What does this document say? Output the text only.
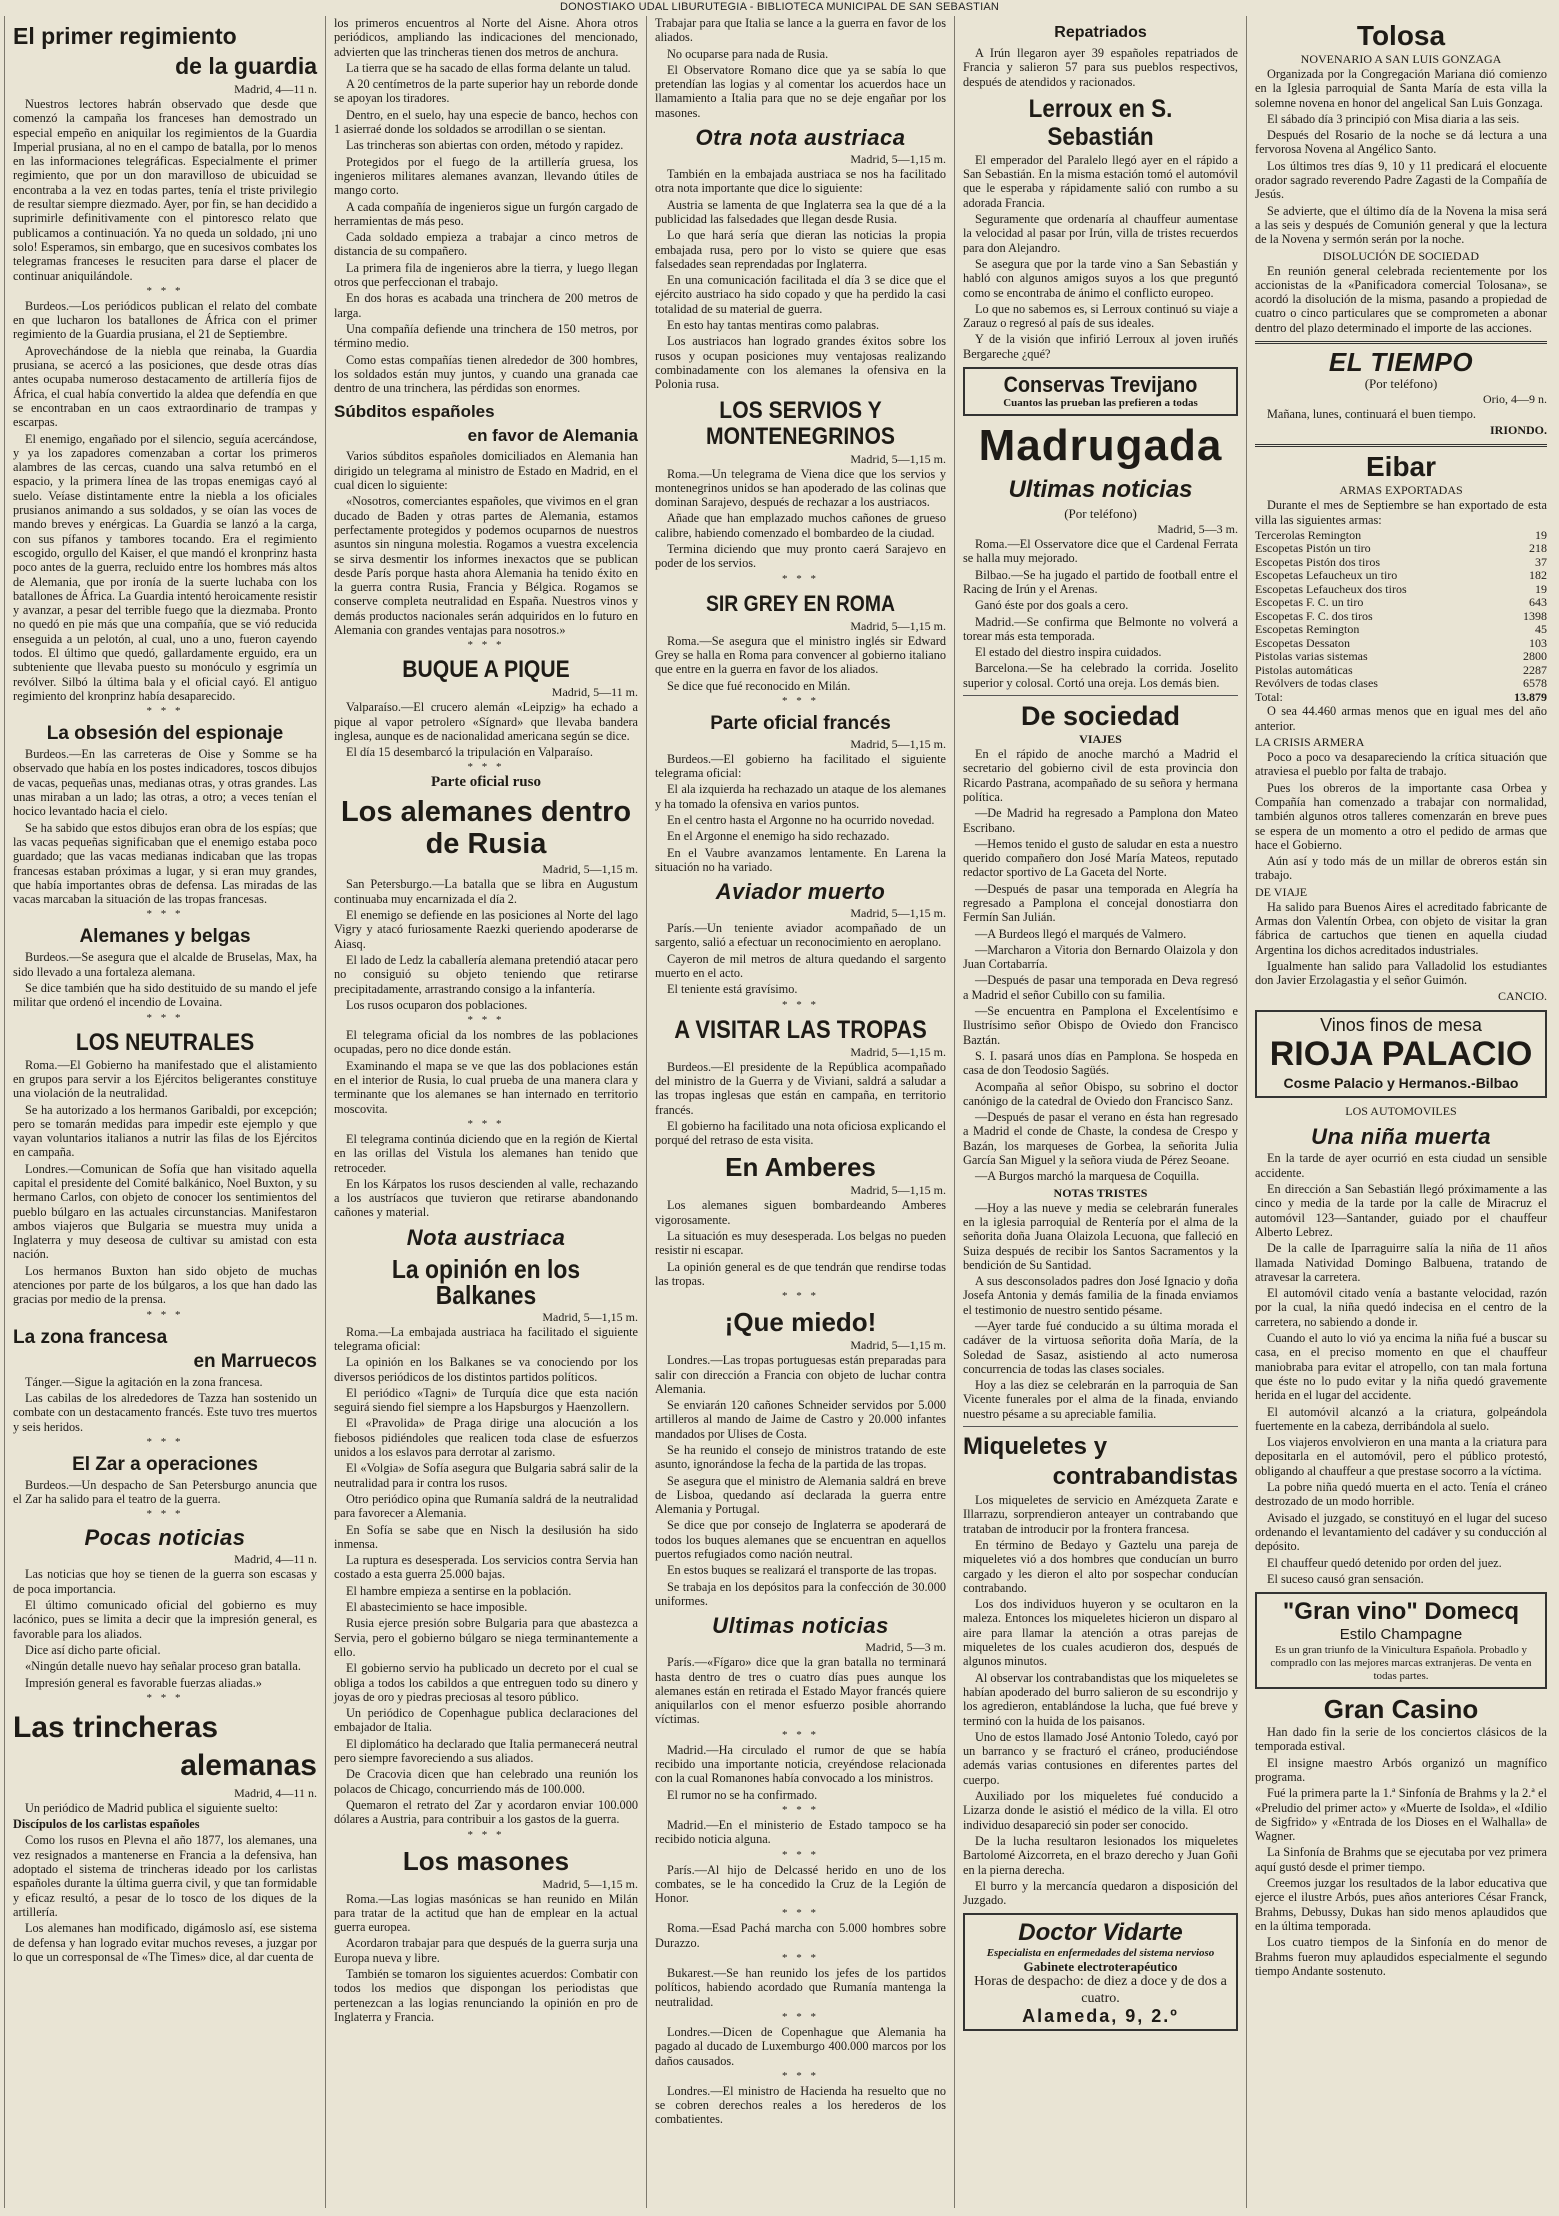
DONOSTIAKO UDAL LIBURUTEGIA - BIBLIOTECA MUNICIPAL DE SAN SEBASTIAN
El primer regimiento
de la guardia

Madrid, 4—11 n.

Nuestros lectores habrán observado que desde que comenzó la campaña los franceses han demostrado un especial empeño en aniquilar los regimientos de la Guardia Imperial prusiana, al no en el campo de batalla, por lo menos en las informaciones telegráficas. Especialmente el primer regimiento, que por un don maravilloso de ubicuidad se encontraba a la vez en todas partes, tenía el triste privilegio de resultar siempre diezmado. Ayer, por fin, se han decidido a suprimirle definitivamente con el pintoresco relato que publicamos a continuación. Ya no queda un soldado, ¡ni uno solo! Esperamos, sin embargo, que en sucesivos combates los telegramas franceses le resuciten para darse el placer de continuar aniquilándole.

* * *

Burdeos.—Los periódicos publican el relato del combate en que lucharon los batallones de África con el primer regimiento de la Guardia prusiana, el 21 de Septiembre.

Aprovechándose de la niebla que reinaba, la Guardia prusiana, se acercó a las posiciones, que desde otras días antes ocupaba numeroso destacamento de artillería fijos de África, el cual había convertido la aldea que defendía en que se encontraban en un caos extraordinario de trampas y escarpas.

El enemigo, engañado por el silencio, seguía acercándose, y ya los zapadores comenzaban a cortar los primeros alambres de las cercas, cuando una salva retumbó en el espacio, y la primera línea de las tropas enemigas cayó al suelo. Veíase distintamente entre la niebla a los oficiales prusianos animando a sus soldados, y se oían las voces de mando breves y enérgicas. La Guardia se lanzó a la carga, con sus pífanos y tambores tocando. Era el regimiento escogido, orgullo del Kaiser, el que mandó el kronprinz hasta poco antes de la guerra, recluido entre los hombres más altos de Alemania, que por ironía de la suerte luchaba con los batallones de África. La Guardia intentó heroicamente resistir y avanzar, a pesar del terrible fuego que la diezmaba. Pronto no quedó en pie más que una compañía, que se vió reducida enseguida a un pelotón, al cual, uno a uno, fueron cayendo todos. El último que quedó, gallardamente erguido, era un subteniente que llevaba puesto su monóculo y esgrimía un revólver. Silbó la última bala y el oficial cayó. El antiguo regimiento del kronprinz había desaparecido.

* * *
La obsesión del espionaje

Burdeos.—En las carreteras de Oise y Somme se ha observado que había en los postes indicadores, toscos dibujos de vacas, pequeñas unas, medianas otras, y otras grandes. Las unas miraban a un lado; las otras, a otro; a veces tenían el hocico levantado hacia el cielo.

Se ha sabido que estos dibujos eran obra de los espías; que las vacas pequeñas significaban que el enemigo estaba poco guardado; que las vacas medianas indicaban que las tropas francesas estaban próximas a lugar, y si eran muy grandes, que había importantes obras de defensa. Las miradas de las vacas marcaban la situación de las tropas francesas.

* * *
Alemanes y belgas

Burdeos.—Se asegura que el alcalde de Bruselas, Max, ha sido llevado a una fortaleza alemana.

Se dice también que ha sido destituido de su mando el jefe militar que ordenó el incendio de Lovaina.

* * *
LOS NEUTRALES

Roma.—El Gobierno ha manifestado que el alistamiento en grupos para servir a los Ejércitos beligerantes constituye una violación de la neutralidad.

Se ha autorizado a los hermanos Garibaldi, por excepción; pero se tomarán medidas para impedir este ejemplo y que vayan voluntarios italianos a nutrir las filas de los Ejércitos en campaña.

Londres.—Comunican de Sofía que han visitado aquella capital el presidente del Comité balkánico, Noel Buxton, y su hermano Carlos, con objeto de conocer los sentimientos del pueblo búlgaro en las actuales circunstancias. Manifestaron ambos viajeros que Bulgaria se muestra muy unida a Inglaterra y muy deseosa de cultivar su amistad con esta nación.

Los hermanos Buxton han sido objeto de muchas atenciones por parte de los búlgaros, a los que han dado las gracias por medio de la prensa.

* * *
La zona francesa
en Marruecos

Tánger.—Sigue la agitación en la zona francesa.

Las cabilas de los alrededores de Tazza han sostenido un combate con un destacamento francés. Este tuvo tres muertos y seis heridos.

* * *
El Zar a operaciones

Burdeos.—Un despacho de San Petersburgo anuncia que el Zar ha salido para el teatro de la guerra.

* * *
Pocas noticias

Madrid, 4—11 n.

Las noticias que hoy se tienen de la guerra son escasas y de poca importancia.

El último comunicado oficial del gobierno es muy lacónico, pues se limita a decir que la impresión general, es favorable para los aliados.

Dice así dicho parte oficial.

«Ningún detalle nuevo hay señalar proceso gran batalla.

Impresión general es favorable fuerzas aliadas.»

* * *
Las trincheras
alemanas

Madrid, 4—11 n.

Un periódico de Madrid publica el siguiente suelto:

Discípulos de los carlistas españoles

Como los rusos en Plevna el año 1877, los alemanes, una vez resignados a mantenerse en Francia a la defensiva, han adoptado el sistema de trincheras ideado por los carlistas españoles durante la última guerra civil, y que tan formidable y eficaz resultó, a pesar de lo tosco de los diques de la artillería.

Los alemanes han modificado, digámoslo así, ese sistema de defensa y han logrado evitar muchos reveses, a juzgar por lo que un corresponsal de «The Times» dice, al dar cuenta de

los primeros encuentros al Norte del Aisne. Ahora otros periódicos, ampliando las indicaciones del mencionado, advierten que las trincheras tienen dos metros de anchura.

La tierra que se ha sacado de ellas forma delante un talud.

A 20 centímetros de la parte superior hay un reborde donde se apoyan los tiradores.

Dentro, en el suelo, hay una especie de banco, hechos con 1 asierraé donde los soldados se arrodillan o se sientan.

Las trincheras son abiertas con orden, método y rapidez.

Protegidos por el fuego de la artillería gruesa, los ingenieros militares alemanes avanzan, llevando útiles de mango corto.

A cada compañía de ingenieros sigue un furgón cargado de herramientas de más peso.

Cada soldado empieza a trabajar a cinco metros de distancia de su compañero.

La primera fila de ingenieros abre la tierra, y luego llegan otros que perfeccionan el trabajo.

En dos horas es acabada una trinchera de 200 metros de larga.

Una compañía defiende una trinchera de 150 metros, por término medio.

Como estas compañías tienen alrededor de 300 hombres, los soldados están muy juntos, y cuando una granada cae dentro de una trinchera, las pérdidas son enormes.

Súbditos españoles
en favor de Alemania

Varios súbditos españoles domiciliados en Alemania han dirigido un telegrama al ministro de Estado en Madrid, en el cual dicen lo siguiente:

«Nosotros, comerciantes españoles, que vivimos en el gran ducado de Baden y otras partes de Alemania, estamos perfectamente protegidos y podemos ocuparnos de nuestros asuntos sin ninguna molestia. Rogamos a vuestra excelencia se sirva desmentir los informes inexactos que se publican desde París porque hasta ahora Alemania ha tenido éxito en la guerra contra Rusia, Francia y Bélgica. Rogamos se conserve completa neutralidad en España. Nuestros vinos y demás productos nacionales serán adquiridos en lo futuro en Alemania con grandes ventajas para nosotros.»

* * *
BUQUE A PIQUE

Madrid, 5—11 m.

Valparaíso.—El crucero alemán «Leipzig» ha echado a pique al vapor petrolero «Sígnard» que llevaba bandera inglesa, aunque es de nacionalidad americana según se dice.

El día 15 desembarcó la tripulación en Valparaíso.

* * *

Parte oficial ruso

Los alemanes dentro de Rusia

Madrid, 5—1,15 m.

San Petersburgo.—La batalla que se libra en Augustum continuaba muy encarnizada el día 2.

El enemigo se defiende en las posiciones al Norte del lago Vigry y atacó furiosamente Raezki queriendo apoderarse de Aiasq.

El lado de Ledz la caballería alemana pretendió atacar pero no consiguió su objeto teniendo que retirarse precipitadamente, arrastrando consigo a la infantería.

Los rusos ocuparon dos poblaciones.

* * *

El telegrama oficial da los nombres de las poblaciones ocupadas, pero no dice donde están.

Examinando el mapa se ve que las dos poblaciones están en el interior de Rusia, lo cual prueba de una manera clara y terminante que los alemanes se han internado en territorio moscovita.

* * *

El telegrama continúa diciendo que en la región de Kiertal en las orillas del Vistula los alemanes han tenido que retroceder.

En los Kárpatos los rusos descienden al valle, rechazando a los austríacos que tuvieron que retirarse abandonando cañones y material.

Nota austriaca
La opinión en los Balkanes

Madrid, 5—1,15 m.

Roma.—La embajada austriaca ha facilitado el siguiente telegrama oficial:

La opinión en los Balkanes se va conociendo por los diversos periódicos de los distintos partidos políticos.

El periódico «Tagni» de Turquía dice que esta nación seguirá siendo fiel siempre a los Hapsburgos y Haenzollern.

El «Pravolida» de Praga dirige una alocución a los fiebosos pidiéndoles que realicen toda clase de esfuerzos unidos a los eslavos para derrotar al zarismo.

El «Volgia» de Sofía asegura que Bulgaria sabrá salir de la neutralidad para ir contra los rusos.

Otro periódico opina que Rumanía saldrá de la neutralidad para favorecer a Alemania.

En Sofía se sabe que en Nisch la desilusión ha sido inmensa.

La ruptura es desesperada. Los servicios contra Servia han costado a esta guerra 25.000 bajas.

El hambre empieza a sentirse en la población.

El abastecimiento se hace imposible.

Rusia ejerce presión sobre Bulgaria para que abastezca a Servia, pero el gobierno búlgaro se niega terminantemente a ello.

El gobierno servio ha publicado un decreto por el cual se obliga a todos los cabildos a que entreguen todo su dinero y joyas de oro y piedras preciosas al tesoro público.

Un periódico de Copenhague publica declaraciones del embajador de Italia.

El diplomático ha declarado que Italia permanecerá neutral pero siempre favoreciendo a sus aliados.

De Cracovia dicen que han celebrado una reunión los polacos de Chicago, concurriendo más de 100.000.

Quemaron el retrato del Zar y acordaron enviar 100.000 dólares a Austria, para contribuir a los gastos de la guerra.

* * *
Los masones

Madrid, 5—1,15 m.

Roma.—Las logias masónicas se han reunido en Milán para tratar de la actitud que han de emplear en la actual guerra europea.

Acordaron trabajar para que después de la guerra surja una Europa nueva y libre.

También se tomaron los siguientes acuerdos: Combatir con todos los medios que dispongan los periodistas que pertenezcan a las logias renunciando la opinión en pro de Inglaterra y Francia.

Trabajar para que Italia se lance a la guerra en favor de los aliados.

No ocuparse para nada de Rusia.

El Observatore Romano dice que ya se sabía lo que pretendían las logias y al comentar los acuerdos hace un llamamiento a Italia para que no se deje engañar por los masones.

Otra nota austriaca

Madrid, 5—1,15 m.

También en la embajada austriaca se nos ha facilitado otra nota importante que dice lo siguiente:

Austria se lamenta de que Inglaterra sea la que dé a la publicidad las falsedades que llegan desde Rusia.

Lo que hará sería que dieran las noticias la propia embajada rusa, pero por lo visto se quiere que esas falsedades sean reprendadas por Inglaterra.

En una comunicación facilitada el día 3 se dice que el ejército austriaco ha sido copado y que ha perdido la casi totalidad de su material de guerra.

En esto hay tantas mentiras como palabras.

Los austriacos han logrado grandes éxitos sobre los rusos y ocupan posiciones muy ventajosas realizando combinadamente con los alemanes la ofensiva en la Polonia rusa.

LOS SERVIOS Y MONTENEGRINOS

Madrid, 5—1,15 m.

Roma.—Un telegrama de Viena dice que los servios y montenegrinos unidos se han apoderado de las colinas que dominan Sarajevo, después de rechazar a los austriacos.

Añade que han emplazado muchos cañones de grueso calibre, habiendo comenzado el bombardeo de la ciudad.

Termina diciendo que muy pronto caerá Sarajevo en poder de los servios.

* * *
SIR GREY EN ROMA

Madrid, 5—1,15 m.

Roma.—Se asegura que el ministro inglés sir Edward Grey se halla en Roma para convencer al gobierno italiano que entre en la guerra en favor de los aliados.

Se dice que fué reconocido en Milán.

* * *
Parte oficial francés

Madrid, 5—1,15 m.

Burdeos.—El gobierno ha facilitado el siguiente telegrama oficial:

El ala izquierda ha rechazado un ataque de los alemanes y ha tomado la ofensiva en varios puntos.

En el centro hasta el Argonne no ha ocurrido novedad.

En el Argonne el enemigo ha sido rechazado.

En el Vaubre avanzamos lentamente. En Larena la situación no ha variado.

Aviador muerto

Madrid, 5—1,15 m.

París.—Un teniente aviador acompañado de un sargento, salió a efectuar un reconocimiento en aeroplano.

Cayeron de mil metros de altura quedando el sargento muerto en el acto.

El teniente está gravísimo.

* * *
A VISITAR LAS TROPAS

Madrid, 5—1,15 m.

Burdeos.—El presidente de la República acompañado del ministro de la Guerra y de Viviani, saldrá a saludar a las tropas inglesas que están en campaña, en territorio francés.

El gobierno ha facilitado una nota oficiosa explicando el porqué del retraso de esta visita.

En Amberes

Madrid, 5—1,15 m.

Los alemanes siguen bombardeando Amberes vigorosamente.

La situación es muy desesperada. Los belgas no pueden resistir ni escapar.

La opinión general es de que tendrán que rendirse todas las tropas.

* * *
¡Que miedo!

Madrid, 5—1,15 m.

Londres.—Las tropas portuguesas están preparadas para salir con dirección a Francia con objeto de luchar contra Alemania.

Se enviarán 120 cañones Schneider servidos por 5.000 artilleros al mando de Jaime de Castro y 20.000 infantes mandados por Ulises de Costa.

Se ha reunido el consejo de ministros tratando de este asunto, ignorándose la fecha de la partida de las tropas.

Se asegura que el ministro de Alemania saldrá en breve de Lisboa, quedando así declarada la guerra entre Alemania y Portugal.

Se dice que por consejo de Inglaterra se apoderará de todos los buques alemanes que se encuentran en aquellos puertos refugiados como nación neutral.

En estos buques se realizará el transporte de las tropas.

Se trabaja en los depósitos para la confección de 30.000 uniformes.

Ultimas noticias

Madrid, 5—3 m.

París.—«Fígaro» dice que la gran batalla no terminará hasta dentro de tres o cuatro días pues aunque los alemanes están en retirada el Estado Mayor francés quiere aniquilarlos con el menor esfuerzo posible ahorrando víctimas.

* * *

Madrid.—Ha circulado el rumor de que se había recibido una importante noticia, creyéndose relacionada con la cual Romanones había convocado a los ministros.

El rumor no se ha confirmado.

* * *

Madrid.—En el ministerio de Estado tampoco se ha recibido noticia alguna.

* * *

París.—Al hijo de Delcassé herido en uno de los combates, se le ha concedido la Cruz de la Legión de Honor.

* * *

Roma.—Esad Pachá marcha con 5.000 hombres sobre Durazzo.

* * *

Bukarest.—Se han reunido los jefes de los partidos políticos, habiendo acordado que Rumanía mantenga la neutralidad.

* * *

Londres.—Dicen de Copenhague que Alemania ha pagado al ducado de Luxemburgo 400.000 marcos por los daños causados.

* * *

Londres.—El ministro de Hacienda ha resuelto que no se cobren derechos reales a los herederos de los combatientes.

Repatriados

A Irún llegaron ayer 39 españoles repatriados de Francia y salieron 57 para sus pueblos respectivos, después de atendidos y racionados.

Lerroux en S. Sebastián

El emperador del Paralelo llegó ayer en el rápido a San Sebastián. En la misma estación tomó el automóvil que le esperaba y rápidamente salió con rumbo a su adorada Francia.

Seguramente que ordenaría al chauffeur aumentase la velocidad al pasar por Irún, villa de tristes recuerdos para don Alejandro.

Se asegura que por la tarde vino a San Sebastián y habló con algunos amigos suyos a los que preguntó como se encontraba de ánimo el conflicto europeo.

Lo que no sabemos es, si Lerroux continuó su viaje a Zarauz o regresó al país de sus ideales.

Y de la visión que infirió Lerroux al joven iruñés Bergareche ¿qué?

Conservas Trevijano
Cuantos las prueban las prefieren a todas
Madrugada
Ultimas noticias

(Por teléfono)

Madrid, 5—3 m.

Roma.—El Osservatore dice que el Cardenal Ferrata se halla muy mejorado.

Bilbao.—Se ha jugado el partido de football entre el Racing de Irún y el Arenas.

Ganó éste por dos goals a cero.

Madrid.—Se confirma que Belmonte no volverá a torear más esta temporada.

El estado del diestro inspira cuidados.

Barcelona.—Se ha celebrado la corrida. Joselito superior y colosal. Cortó una oreja. Los demás bien.

De sociedad

VIAJES

En el rápido de anoche marchó a Madrid el secretario del gobierno civil de esta provincia don Ricardo Pastrana, acompañado de su señora y hermana política.

—De Madrid ha regresado a Pamplona don Mateo Escribano.

—Hemos tenido el gusto de saludar en esta a nuestro querido compañero don José María Mateos, reputado redactor sportivo de La Gaceta del Norte.

—Después de pasar una temporada en Alegría ha regresado a Pamplona el concejal donostiarra don Fermín San Julián.

—A Burdeos llegó el marqués de Valmero.

—Marcharon a Vitoria don Bernardo Olaizola y don Juan Cortabarría.

—Después de pasar una temporada en Deva regresó a Madrid el señor Cubillo con su familia.

—Se encuentra en Pamplona el Excelentísimo e Ilustrísimo señor Obispo de Oviedo don Francisco Baztán.

S. I. pasará unos días en Pamplona. Se hospeda en casa de don Teodosio Sagüés.

Acompaña al señor Obispo, su sobrino el doctor canónigo de la catedral de Oviedo don Francisco Sanz.

—Después de pasar el verano en ésta han regresado a Madrid el conde de Chaste, la condesa de Crespo y Bazán, los marqueses de Gorbea, la señorita Julia García San Miguel y la señora viuda de Pérez Seoane.

—A Burgos marchó la marquesa de Coquilla.

NOTAS TRISTES

—Hoy a las nueve y media se celebrarán funerales en la iglesia parroquial de Rentería por el alma de la señorita doña Juana Olaizola Lecuona, que falleció en Suiza después de recibir los Santos Sacramentos y la bendición de Su Santidad.

A sus desconsolados padres don José Ignacio y doña Josefa Antonia y demás familia de la finada enviamos el testimonio de nuestro sentido pésame.

—Ayer tarde fué conducido a su última morada el cadáver de la virtuosa señorita doña María, de la Soledad de Sasaz, asistiendo al acto numerosa concurrencia de todas las clases sociales.

Hoy a las diez se celebrarán en la parroquia de San Vicente funerales por el alma de la finada, enviando nuestro pésame a su apreciable familia.

Miqueletes y
contrabandistas

Los miqueletes de servicio en Amézqueta Zarate e Illarrazu, sorprendieron anteayer un contrabando que trataban de introducir por la frontera francesa.

En término de Bedayo y Gaztelu una pareja de miqueletes vió a dos hombres que conducían un burro cargado y les dieron el alto por sospechar conducían contrabando.

Los dos individuos huyeron y se ocultaron en la maleza. Entonces los miqueletes hicieron un disparo al aire para llamar la atención a otras parejas de miqueletes de los cuales acudieron dos, después de algunos minutos.

Al observar los contrabandistas que los miqueletes se habían apoderado del burro salieron de su escondrijo y los agredieron, entablándose la lucha, que fué breve y terminó con la huida de los paisanos.

Uno de estos llamado José Antonio Toledo, cayó por un barranco y se fracturó el cráneo, produciéndose además varias contusiones en diferentes partes del cuerpo.

Auxiliado por los miqueletes fué conducido a Lizarza donde le asistió el médico de la villa. El otro individuo desapareció sin poder ser conocido.

De la lucha resultaron lesionados los miqueletes Bartolomé Aizcorreta, en el brazo derecho y Juan Goñi en la pierna derecha.

El burro y la mercancía quedaron a disposición del Juzgado.

Doctor Vidarte
Especialista en enfermedades del sistema nervioso
Gabinete electroterapéutico
Horas de despacho: de diez a doce y de dos a cuatro.
Alameda, 9, 2.º
Tolosa

NOVENARIO A SAN LUIS GONZAGA

Organizada por la Congregación Mariana dió comienzo en la Iglesia parroquial de Santa María de esta villa la solemne novena en honor del angelical San Luis Gonzaga.

El sábado día 3 principió con Misa diaria a las seis.

Después del Rosario de la noche se dá lectura a una fervorosa Novena al Angélico Santo.

Los últimos tres días 9, 10 y 11 predicará el elocuente orador sagrado reverendo Padre Zagasti de la Compañía de Jesús.

Se advierte, que el último día de la Novena la misa será a las seis y después de Comunión general y que la lectura de la Novena y sermón serán por la noche.

DISOLUCIÓN DE SOCIEDAD

En reunión general celebrada recientemente por los accionistas de la «Panificadora comercial Tolosana», se acordó la disolución de la misma, pasando a propiedad de cuatro o cinco particulares que se comprometen a abonar dentro del plazo determinado el importe de las acciones.

EL TIEMPO

(Por teléfono)

Orio, 4—9 n.

Mañana, lunes, continuará el buen tiempo.

IRIONDO.

Eibar

ARMAS EXPORTADAS

Durante el mes de Septiembre se han exportado de esta villa las siguientes armas:

Tercerolas Remington	19
Escopetas Pistón un tiro	218
Escopetas Pistón dos tiros	37
Escopetas Lefaucheux un tiro	182
Escopetas Lefaucheux dos tiros	19
Escopetas F. C. un tiro	643
Escopetas F. C. dos tiros	1398
Escopetas Remington	45
Escopetas Dessaton	103
Pistolas varias sistemas	2800
Pistolas automáticas	2287
Revólvers de todas clases	6578
Total:	13.879

O sea 44.460 armas menos que en igual mes del año anterior.

LA CRISIS ARMERA

Poco a poco va desapareciendo la crítica situación que atraviesa el pueblo por falta de trabajo.

Pues los obreros de la importante casa Orbea y Compañía han comenzado a trabajar con normalidad, también algunos otros talleres comenzarán en breve pues se espera de un momento a otro el pedido de armas que hace el Gobierno.

Aún así y todo más de un millar de obreros están sin trabajo.

DE VIAJE

Ha salido para Buenos Aires el acreditado fabricante de Armas don Valentín Orbea, con objeto de visitar la gran fábrica de cartuchos que tienen en aquella ciudad Argentina los dichos acreditados industriales.

Igualmente han salido para Valladolid los estudiantes don Javier Erzolagastia y el señor Guimón.

CANCIO.

Vinos finos de mesa
RIOJA PALACIO
Cosme Palacio y Hermanos.-Bilbao

LOS AUTOMOVILES

Una niña muerta

En la tarde de ayer ocurrió en esta ciudad un sensible accidente.

En dirección a San Sebastián llegó próximamente a las cinco y media de la tarde por la calle de Miracruz el automóvil 123—Santander, guiado por el chauffeur Alberto Lebrez.

De la calle de Iparraguirre salía la niña de 11 años llamada Natividad Domingo Balbuena, tratando de atravesar la carretera.

El automóvil citado venía a bastante velocidad, razón por la cual, la niña quedó indecisa en el centro de la carretera, no sabiendo a donde ir.

Cuando el auto lo vió ya encima la niña fué a buscar su casa, en el preciso momento en que el chauffeur maniobraba para evitar el atropello, con tan mala fortuna que éste no lo pudo evitar y la niña quedó gravemente herida en el lugar del accidente.

El automóvil alcanzó a la criatura, golpeándola fuertemente en la cabeza, derribándola al suelo.

Los viajeros envolvieron en una manta a la criatura para depositarla en el automóvil, pero el público protestó, obligando al chauffeur a que prestase socorro a la víctima.

La pobre niña quedó muerta en el acto. Tenía el cráneo destrozado de un modo horrible.

Avisado el juzgado, se constituyó en el lugar del suceso ordenando el levantamiento del cadáver y su conducción al depósito.

El chauffeur quedó detenido por orden del juez.

El suceso causó gran sensación.

"Gran vino" Domecq
Estilo Champagne
Es un gran triunfo de la Vinicultura Española. Probadlo y compradlo con las mejores marcas extranjeras. De venta en todas partes.
Gran Casino

Han dado fin la serie de los conciertos clásicos de la temporada estival.

El insigne maestro Arbós organizó un magnífico programa.

Fué la primera parte la 1.ª Sinfonía de Brahms y la 2.ª el «Preludio del primer acto» y «Muerte de Isolda», el «Idilio de Sigfrido» y «Entrada de los Dioses en el Walhalla» de Wagner.

La Sinfonía de Brahms que se ejecutaba por vez primera aquí gustó desde el primer tiempo.

Creemos juzgar los resultados de la labor educativa que ejerce el ilustre Arbós, pues años anteriores César Franck, Brahms, Debussy, Dukas han sido menos aplaudidos que en la última temporada.

Los cuatro tiempos de la Sinfonía en do menor de Brahms fueron muy aplaudidos especialmente el segundo tiempo Andante sostenuto.
